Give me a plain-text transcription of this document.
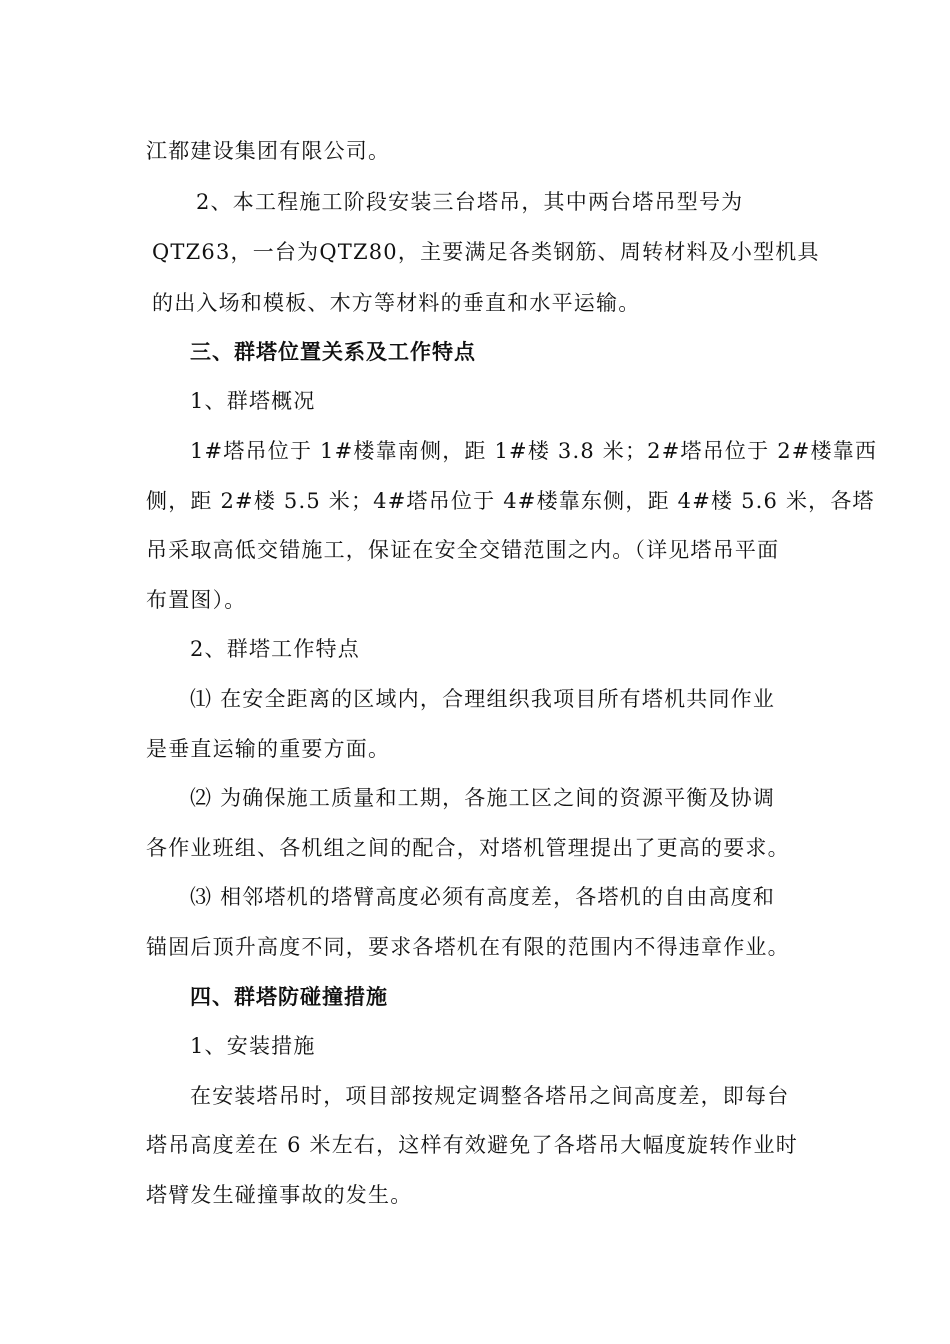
江都建设集团有限公司。
2、本工程施工阶段安装三台塔吊，其中两台塔吊型号为
QTZ63，一台为QTZ80，主要满足各类钢筋、周转材料及小型机具
的出入场和模板、木方等材料的垂直和水平运输。
三、群塔位置关系及工作特点
1、群塔概况
1#塔吊位于 1#楼靠南侧，距 1#楼 3.8 米；2#塔吊位于 2#楼靠西
侧，距 2#楼 5.5 米；4#塔吊位于 4#楼靠东侧，距 4#楼 5.6 米，各塔
吊采取高低交错施工，保证在安全交错范围之内。（详见塔吊平面
布置图）。
2、群塔工作特点
⑴ 在安全距离的区域内，合理组织我项目所有塔机共同作业
是垂直运输的重要方面。
⑵ 为确保施工质量和工期，各施工区之间的资源平衡及协调
各作业班组、各机组之间的配合，对塔机管理提出了更高的要求。
⑶ 相邻塔机的塔臂高度必须有高度差，各塔机的自由高度和
锚固后顶升高度不同，要求各塔机在有限的范围内不得违章作业。
四、群塔防碰撞措施
1、安装措施
在安装塔吊时，项目部按规定调整各塔吊之间高度差，即每台
塔吊高度差在 6 米左右，这样有效避免了各塔吊大幅度旋转作业时
塔臂发生碰撞事故的发生。
